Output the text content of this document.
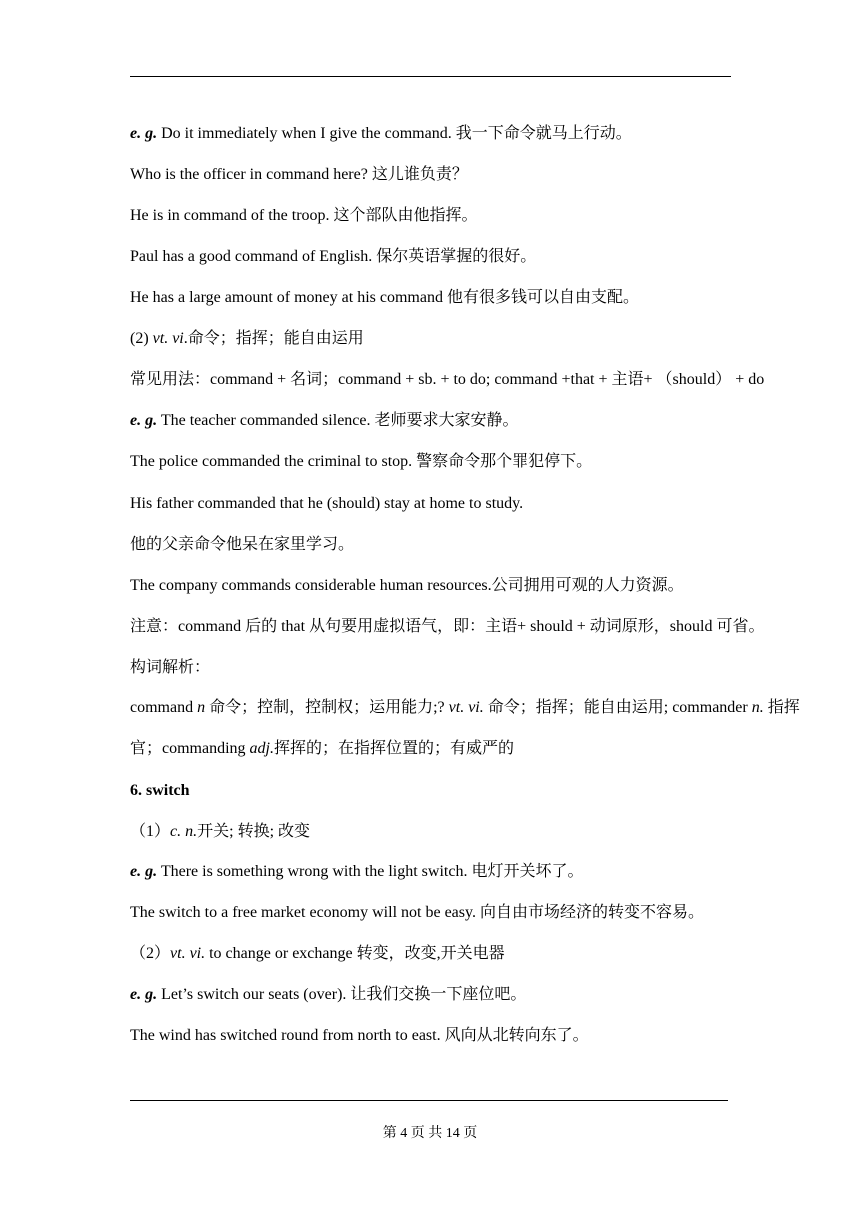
e. g. Do it immediately when I give the command. 我一下命令就马上行动。
Who is the officer in command here? 这儿谁负责？
He is in command of the troop. 这个部队由他指挥。
Paul has a good command of English. 保尔英语掌握的很好。
He has a large amount of money at his command 他有很多钱可以自由支配。
(2) vt. vi.命令；指挥；能自由运用
常见用法：command + 名词；command + sb. + to do; command +that + 主语+ （should） + do
e. g. The teacher commanded silence. 老师要求大家安静。
The police commanded the criminal to stop. 警察命令那个罪犯停下。
His father commanded that he (should) stay at home to study.
他的父亲命令他呆在家里学习。
The company commands considerable human resources.公司拥用可观的人力资源。
注意：command 后的 that 从句要用虚拟语气，即：主语+ should + 动词原形，should 可省。
构词解析：
command n 命令；控制，控制权；运用能力;? vt. vi. 命令；指挥；能自由运用; commander n. 指挥
官；commanding adj.挥挥的；在指挥位置的；有威严的
6. switch
（1）c. n.开关; 转换; 改变
e. g. There is something wrong with the light switch. 电灯开关坏了。
The switch to a free market economy will not be easy. 向自由市场经济的转变不容易。
（2）vt. vi. to change or exchange 转变，改变,开关电器
e. g. Let’s switch our seats (over). 让我们交换一下座位吧。
The wind has switched round from north to east. 风向从北转向东了。
第 4 页 共 14 页
